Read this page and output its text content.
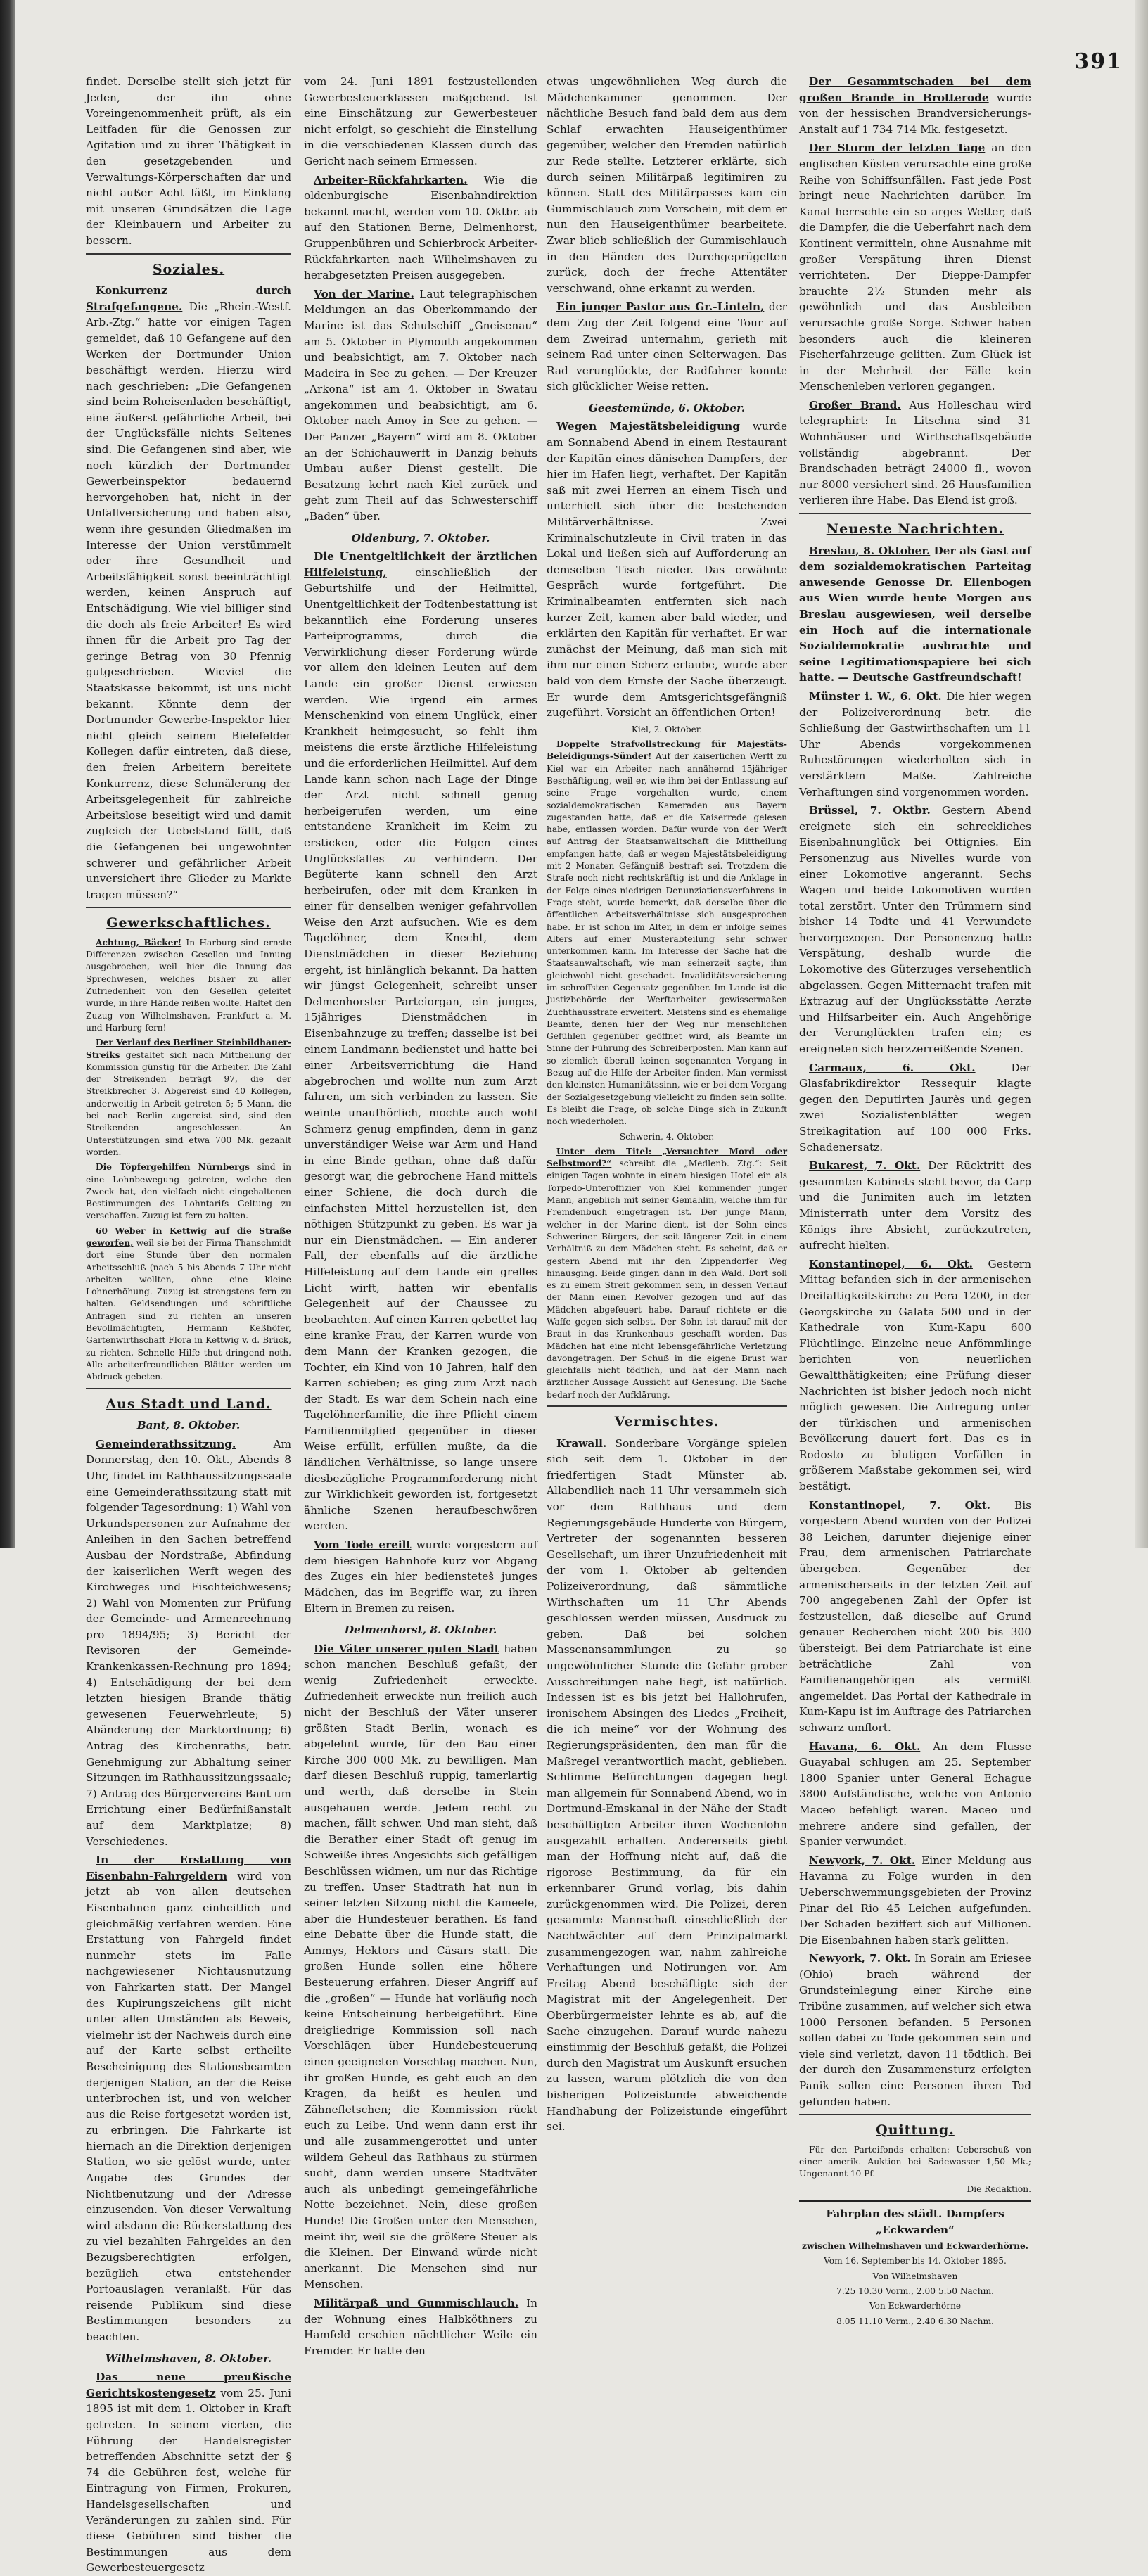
391

findet. Derselbe stellt sich jetzt für Jeden, der ihn ohne Voreingenommenheit prüft, als ein Leitfaden für die Genossen zur Agitation und zu ihrer Thätigkeit in den gesetzgebenden und Verwaltungs-Körperschaften dar und nicht außer Acht läßt, im Einklang mit unseren Grundsätzen die Lage der Kleinbauern und Arbeiter zu bessern.

Soziales.

Konkurrenz durch Strafgefangene. Die „Rhein.-Westf. Arb.-Ztg.“ hatte vor einigen Tagen gemeldet, daß 10 Gefangene auf den Werken der Dortmunder Union beschäftigt werden. Hierzu wird nach geschrieben: „Die Gefangenen sind beim Roheisenladen beschäftigt, eine äußerst gefährliche Arbeit, bei der Unglücksfälle nichts Seltenes sind. Die Gefangenen sind aber, wie noch kürzlich der Dortmunder Gewerbeinspektor bedauernd hervorgehoben hat, nicht in der Unfallversicherung und haben also, wenn ihre gesunden Gliedmaßen im Interesse der Union verstümmelt oder ihre Gesundheit und Arbeitsfähigkeit sonst beeinträchtigt werden, keinen Anspruch auf Entschädigung. Wie viel billiger sind die doch als freie Arbeiter! Es wird ihnen für die Arbeit pro Tag der geringe Betrag von 30 Pfennig gutgeschrieben. Wieviel die Staatskasse bekommt, ist uns nicht bekannt. Könnte denn der Dortmunder Gewerbe-Inspektor hier nicht gleich seinem Bielefelder Kollegen dafür eintreten, daß diese, den freien Arbeitern bereitete Konkurrenz, diese Schmälerung der Arbeitsgelegenheit für zahlreiche Arbeitslose beseitigt wird und damit zugleich der Uebelstand fällt, daß die Gefangenen bei ungewohnter schwerer und gefährlicher Arbeit unversichert ihre Glieder zu Markte tragen müssen?“

Gewerkschaftliches.

Achtung, Bäcker! In Harburg sind ernste Differenzen zwischen Gesellen und Innung ausgebrochen, weil hier die Innung das Sprechwesen, welches bisher zu aller Zufriedenheit von den Gesellen geleitet wurde, in ihre Hände reißen wollte. Haltet den Zuzug von Wilhelmshaven, Frankfurt a. M. und Harburg fern!

Der Verlauf des Berliner Steinbildhauer-Streiks gestaltet sich nach Mittheilung der Kommission günstig für die Arbeiter. Die Zahl der Streikenden beträgt 97, die der Streikbrecher 3. Abgereist sind 40 Kollegen, anderweitig in Arbeit getreten 5; 5 Mann, die bei nach Berlin zugereist sind, sind den Streikenden angeschlossen. An Unterstützungen sind etwa 700 Mk. gezahlt worden.

Die Töpfergehilfen Nürnbergs sind in eine Lohnbewegung getreten, welche den Zweck hat, den vielfach nicht eingehaltenen Bestimmungen des Lohntarifs Geltung zu verschaffen. Zuzug ist fern zu halten.

60 Weber in Kettwig auf die Straße geworfen, weil sie bei der Firma Thanschmidt dort eine Stunde über den normalen Arbeitsschluß (nach 5 bis Abends 7 Uhr nicht arbeiten wollten, ohne eine kleine Lohnerhöhung. Zuzug ist strengstens fern zu halten. Geldsendungen und schriftliche Anfragen sind zu richten an unseren Bevollmächtigten, Hermann Keßhöfer, Gartenwirthschaft Flora in Kettwig v. d. Brück, zu richten. Schnelle Hilfe thut dringend noth. Alle arbeiterfreundlichen Blätter werden um Abdruck gebeten.

Aus Stadt und Land.
Bant, 8. Oktober.

Gemeinderathssitzung.	Am Donnerstag, den 10. Okt., Abends 8 Uhr, findet im Rathhaussitzungssaale eine Gemeinderathssitzung statt mit folgender Tagesordnung: 1) Wahl von Urkundspersonen zur Aufnahme der Anleihen in den Sachen betreffend Ausbau der Nordstraße, Abfindung der kaiserlichen Werft wegen des Kirchweges und Fischteichwesens; 2) Wahl von Momenten zur Prüfung der Gemeinde- und Armenrechnung pro 1894/95; 3) Bericht der Revisoren der Gemeinde-Krankenkassen-Rechnung pro 1894; 4) Entschädigung der bei dem letzten hiesigen Brande thätig gewesenen Feuerwehrleute; 5) Abänderung der Marktordnung; 6) Antrag des Kirchenraths, betr. Genehmigung zur Abhaltung seiner Sitzungen im Rathhaussitzungssaale; 7) Antrag des Bürgervereins Bant um Errichtung einer Bedürfnißanstalt auf dem Marktplatze; 8) Verschiedenes.

In der Erstattung von Eisenbahn-Fahrgeldern wird von jetzt ab von allen deutschen Eisenbahnen ganz einheitlich und gleichmäßig verfahren werden. Eine Erstattung von Fahrgeld findet nunmehr stets im Falle nachgewiesener Nichtausnutzung von Fahrkarten statt. Der Mangel des Kupirungszeichens gilt nicht unter allen Umständen als Beweis, vielmehr ist der Nachweis durch eine auf der Karte selbst ertheilte Bescheinigung des Stationsbeamten derjenigen Station, an der die Reise unterbrochen ist, und von welcher aus die Reise fortgesetzt worden ist, zu erbringen. Die Fahrkarte ist hiernach an die Direktion derjenigen Station, wo sie gelöst wurde, unter Angabe des Grundes der Nichtbenutzung und der Adresse einzusenden. Von dieser Verwaltung wird alsdann die Rückerstattung des zu viel bezahlten Fahrgeldes an den Bezugsberechtigten erfolgen, bezüglich etwa entstehender Portoauslagen veranlaßt. Für das reisende Publikum sind diese Bestimmungen besonders zu beachten.

Wilhelmshaven, 8. Oktober.

Das neue preußische Gerichtskostengesetz vom 25. Juni 1895 ist mit dem 1. Oktober in Kraft getreten. In seinem vierten, die Führung der Handelsregister betreffenden Abschnitte setzt der § 74 die Gebühren fest, welche für Eintragung von Firmen, Prokuren, Handelsgesellschaften und Veränderungen zu zahlen sind. Für diese Gebühren sind bisher die Bestimmungen aus dem Gewerbesteuergesetz

vom 24. Juni 1891 festzustellenden Gewerbesteuerklassen maßgebend. Ist eine Einschätzung zur Gewerbesteuer nicht erfolgt, so geschieht die Einstellung in die verschiedenen Klassen durch das Gericht nach seinem Ermessen.

Arbeiter-Rückfahrkarten. Wie die oldenburgische Eisenbahndirektion bekannt macht, werden vom 10. Oktbr. ab auf den Stationen Berne, Delmenhorst, Gruppenbühren und Schierbrock Arbeiter-Rückfahrkarten nach Wilhelmshaven zu herabgesetzten Preisen ausgegeben.

Von der Marine. Laut telegraphischen Meldungen an das Oberkommando der Marine ist das Schulschiff „Gneisenau“ am 5. Oktober in Plymouth angekommen und beabsichtigt, am 7. Oktober nach Madeira in See zu gehen. — Der Kreuzer „Arkona“ ist am 4. Oktober in Swatau angekommen und beabsichtigt, am 6. Oktober nach Amoy in See zu gehen. — Der Panzer „Bayern“ wird am 8. Oktober an der Schichauwerft in Danzig behufs Umbau außer Dienst gestellt. Die Besatzung kehrt nach Kiel zurück und geht zum Theil auf das Schwesterschiff „Baden“ über.

Oldenburg, 7. Oktober.

Die Unentgeltlichkeit der ärztlichen Hilfeleistung,	einschließlich der Geburtshilfe und der Heilmittel, Unentgeltlichkeit der Todtenbestattung ist bekanntlich eine Forderung unseres Parteiprogramms, durch die Verwirklichung dieser Forderung würde vor allem den kleinen Leuten auf dem Lande ein großer Dienst erwiesen werden. Wie irgend ein armes Menschenkind von einem Unglück, einer Krankheit heimgesucht, so fehlt ihm meistens die erste ärztliche Hilfeleistung und die erforderlichen Heilmittel. Auf dem Lande kann schon nach Lage der Dinge der Arzt nicht schnell genug herbeigerufen werden, um eine entstandene Krankheit im Keim zu ersticken, oder die Folgen eines Unglücksfalles zu verhindern. Der Begüterte kann schnell den Arzt herbeirufen, oder mit dem Kranken in einer für denselben weniger gefahrvollen Weise den Arzt aufsuchen. Wie es dem Tagelöhner, dem Knecht, dem Dienstmädchen in dieser Beziehung ergeht, ist hinlänglich bekannt. Da hatten wir jüngst Gelegenheit, schreibt unser Delmenhorster Parteiorgan, ein junges, 15jähriges Dienstmädchen in Eisenbahnzuge zu treffen; dasselbe ist bei einem Landmann bedienstet und hatte bei einer Arbeitsverrichtung die Hand abgebrochen und wollte nun zum Arzt fahren, um sich verbinden zu lassen. Sie weinte unaufhörlich, mochte auch wohl Schmerz genug empfinden, denn in ganz unverständiger Weise war Arm und Hand in eine Binde gethan, ohne daß dafür gesorgt war, die gebrochene Hand mittels einer Schiene, die doch durch die einfachsten Mittel herzustellen ist, den nöthigen Stützpunkt zu geben. Es war ja nur ein Dienstmädchen. — Ein anderer Fall, der ebenfalls auf die ärztliche Hilfeleistung auf dem Lande ein grelles Licht wirft, hatten wir ebenfalls Gelegenheit auf der Chaussee zu beobachten. Auf einen Karren gebettet lag eine kranke Frau, der Karren wurde von dem Mann der Kranken gezogen, die Tochter, ein Kind von 10 Jahren, half den Karren schieben; es ging zum Arzt nach der Stadt. Es war dem Schein nach eine Tagelöhnerfamilie, die ihre Pflicht einem Familienmitglied gegenüber in dieser Weise erfüllt, erfüllen mußte, da die ländlichen Verhältnisse, so lange unsere diesbezügliche Programmforderung nicht zur Wirklichkeit geworden ist, fortgesetzt ähnliche Szenen heraufbeschwören werden.

Vom Tode ereilt wurde vorgestern auf dem hiesigen Bahnhofe kurz vor Abgang des Zuges ein hier bediensteteš junges Mädchen, das im Begriffe war, zu ihren Eltern in Bremen zu reisen.

Delmenhorst, 8. Oktober.

Die Väter unserer guten Stadt haben schon manchen Beschluß gefaßt, der wenig Zufriedenheit erweckte. Zufriedenheit erweckte nun freilich auch nicht der Beschluß der Väter unserer größten Stadt Berlin, wonach es abgelehnt wurde, für den Bau einer Kirche 300 000 Mk. zu bewilligen. Man darf diesen Beschluß ruppig, tamerlartig und werth, daß derselbe in Stein ausgehauen werde. Jedem recht zu machen, fällt schwer. Und man sieht, daß die Berather einer Stadt oft genug im Schweiße ihres Angesichts sich gefälligen Beschlüssen widmen, um nur das Richtige zu treffen. Unser Stadtrath hat nun in seiner letzten Sitzung nicht die Kameele, aber die Hundesteuer berathen. Es fand eine Debatte über die Hunde statt, die Ammys, Hektors und Cäsars statt. Die großen Hunde sollen eine höhere Besteuerung erfahren. Dieser Angriff auf die „großen“ — Hunde hat vorläufig noch keine Entscheinung herbeigeführt. Eine dreigliedrige Kommission soll nach Vorschlägen über Hundebesteuerung einen geeigneten Vorschlag machen. Nun, ihr großen Hunde, es geht euch an den Kragen, da heißt es heulen und Zähnefletschen; die Kommission rückt euch zu Leibe. Und wenn dann erst ihr und alle zusammengerottet und unter wildem Geheul das Rathhaus zu stürmen sucht, dann werden unsere Stadtväter auch als unbedingt gemeingefährliche Notte bezeichnet. Nein, diese großen Hunde! Die Großen unter den Menschen, meint ihr, weil sie die größere Steuer als die Kleinen. Der Einwand würde nicht anerkannt. Die Menschen sind nur Menschen.

Militärpaß und Gummischlauch. In der Wohnung eines Halbköthners zu Hamfeld erschien nächtlicher Weile ein Fremder. Er hatte den

etwas ungewöhnlichen Weg durch die Mädchenkammer genommen. Der nächtliche Besuch fand bald dem aus dem Schlaf erwachten Hauseigenthümer gegenüber, welcher den Fremden natürlich zur Rede stellte. Letzterer erklärte, sich durch seinen Militärpaß legitimiren zu können. Statt des Militärpasses kam ein Gummischlauch zum Vorschein, mit dem er nun den Hauseigenthümer bearbeitete. Zwar blieb schließlich der Gummischlauch in den Händen des Durchgeprügelten zurück, doch der freche Attentäter verschwand, ohne erkannt zu werden.

Ein junger Pastor aus Gr.-Linteln, der dem Zug der Zeit folgend eine Tour auf dem Zweirad unternahm, gerieth mit seinem Rad unter einen Selterwagen. Das Rad verunglückte, der Radfahrer konnte sich glücklicher Weise retten.

Geestemünde, 6. Oktober.

Wegen Majestätsbeleidigung wurde am Sonnabend Abend in einem Restaurant der Kapitän eines dänischen Dampfers, der hier im Hafen liegt, verhaftet. Der Kapitän saß mit zwei Herren an einem Tisch und unterhielt sich über die bestehenden Militärverhältnisse. Zwei Kriminalschutzleute in Civil traten in das Lokal und ließen sich auf Aufforderung an demselben Tisch nieder. Das erwähnte Gespräch wurde fortgeführt. Die Kriminalbeamten entfernten sich nach kurzer Zeit, kamen aber bald wieder, und erklärten den Kapitän für verhaftet. Er war zunächst der Meinung, daß man sich mit ihm nur einen Scherz erlaube, wurde aber bald von dem Ernste der Sache überzeugt. Er wurde dem Amtsgerichtsgefängniß zugeführt. Vorsicht an öffentlichen Orten!

Kiel, 2. Oktober.

Doppelte Strafvollstreckung für Majestäts-Beleidigungs-Sünder! Auf der kaiserlichen Werft zu Kiel war ein Arbeiter nach annähernd 15jähriger Beschäftigung, weil er, wie ihm bei der Entlassung auf seine Frage vorgehalten wurde, einem sozialdemokratischen Kameraden aus Bayern zugestanden hatte, daß er die Kaiserrede gelesen habe, entlassen worden. Dafür wurde von der Werft auf Antrag der Staatsanwaltschaft die Mittheilung empfangen hatte, daß er wegen Majestätsbeleidigung mit 2 Monaten Gefängniß bestraft sei. Trotzdem die Strafe noch nicht rechtskräftig ist und die Anklage in der Folge eines niedrigen Denunziationsverfahrens in Frage steht, wurde bemerkt, daß derselbe über die öffentlichen Arbeitsverhältnisse sich ausgesprochen habe. Er ist schon im Alter, in dem er infolge seines Alters auf einer Musterabteilung sehr schwer unterkommen kann. Im Interesse der Sache hat die Staatsanwaltschaft, wie man seinerzeit sagte, ihm gleichwohl nicht geschadet. Invaliditätsversicherung im schroffsten Gegensatz gegenüber. Im Lande ist die Justizbehörde der Werftarbeiter gewissermaßen Zuchthausstrafe erweitert. Meistens sind es ehemalige Beamte, denen hier der Weg nur menschlichen Gefühlen gegenüber geöffnet wird, als Beamte im Sinne der Führung des Schreiberposten. Man kann auf so ziemlich überall keinen sogenannten Vorgang in Bezug auf die Hilfe der Arbeiter finden. Man vermisst den kleinsten Humanitätssinn, wie er bei dem Vorgang der Sozialgesetzgebung vielleicht zu finden sein sollte. Es bleibt die Frage, ob solche Dinge sich in Zukunft noch wiederholen.

Schwerin, 4. Oktober.

Unter dem Titel: „Versuchter Mord oder Selbstmord?“ schreibt die „Medlenb. Ztg.“: Seit einigen Tagen wohnte in einem hiesigen Hotel ein als Torpedo-Unteroffizier von Kiel kommender junger Mann, angeblich mit seiner Gemahlin, welche ihm für Fremdenbuch eingetragen ist. Der junge Mann, welcher in der Marine dient, ist der Sohn eines Schweriner Bürgers, der seit längerer Zeit in einem Verhältniß zu dem Mädchen steht. Es scheint, daß er gestern Abend mit ihr den Zippendorfer Weg hinausging. Beide gingen dann in den Wald. Dort soll es zu einem Streit gekommen sein, in dessen Verlauf der Mann einen Revolver gezogen und auf das Mädchen abgefeuert habe. Darauf richtete er die Waffe gegen sich selbst. Der Sohn ist darauf mit der Braut in das Krankenhaus geschafft worden. Das Mädchen hat eine nicht lebensgefährliche Verletzung davongetragen. Der Schuß in die eigene Brust war gleichfalls nicht tödtlich, und hat der Mann nach ärztlicher Aussage Aussicht auf Genesung. Die Sache bedarf noch der Aufklärung.

Vermischtes.

Krawall. Sonderbare Vorgänge spielen sich seit dem 1. Oktober in der friedfertigen Stadt Münster ab. Allabendlich nach 11 Uhr versammeln sich vor dem Rathhaus und dem Regierungsgebäude Hunderte von Bürgern, Vertreter der sogenannten besseren Gesellschaft, um ihrer Unzufriedenheit mit der vom 1. Oktober ab geltenden Polizeiverordnung, daß sämmtliche Wirthschaften um 11 Uhr Abends geschlossen werden müssen, Ausdruck zu geben. Daß bei solchen Massenansammlungen zu so ungewöhnlicher Stunde die Gefahr grober Ausschreitungen nahe liegt, ist natürlich. Indessen ist es bis jetzt bei Hallohrufen, ironischem Absingen des Liedes „Freiheit, die ich meine“ vor der Wohnung des Regierungspräsidenten, den man für die Maßregel verantwortlich macht, geblieben. Schlimme Befürchtungen dagegen hegt man allgemein für Sonnabend Abend, wo in Dortmund-Emskanal in der Nähe der Stadt beschäftigten Arbeiter ihren Wochenlohn ausgezahlt erhalten. Andererseits giebt man der Hoffnung nicht auf, daß die rigorose Bestimmung, da für ein erkennbarer Grund vorlag, bis dahin zurückgenommen wird. Die Polizei, deren gesammte Mannschaft einschließlich der Nachtwächter auf dem Prinzipalmarkt zusammengezogen war, nahm zahlreiche Verhaftungen und Notirungen vor. Am Freitag Abend beschäftigte sich der Magistrat mit der Angelegenheit. Der Oberbürgermeister lehnte es ab, auf die Sache einzugehen. Darauf wurde nahezu einstimmig der Beschluß gefaßt, die Polizei durch den Magistrat um Auskunft ersuchen zu lassen, warum plötzlich die von den bisherigen Polizeistunde abweichende Handhabung der Polizeistunde eingeführt sei.

Der Gesammtschaden bei dem großen Brande in Brotterode wurde von der hessischen Brandversicherungs-Anstalt auf 1 734 714 Mk. festgesetzt.

Der Sturm der letzten Tage an den englischen Küsten verursachte eine große Reihe von Schiffsunfällen. Fast jede Post bringt neue Nachrichten darüber. Im Kanal herrschte ein so arges Wetter, daß die Dampfer, die die Ueberfahrt nach dem Kontinent vermitteln, ohne Ausnahme mit großer Verspätung ihren Dienst verrichteten. Der Dieppe-Dampfer brauchte 2½ Stunden mehr als gewöhnlich und das Ausbleiben verursachte große Sorge. Schwer haben besonders auch die kleineren Fischerfahrzeuge gelitten. Zum Glück ist in der Mehrheit der Fälle kein Menschenleben verloren gegangen.

Großer Brand. Aus Holleschau wird telegraphirt: In Litschna sind 31 Wohnhäuser und Wirthschaftsgebäude vollständig abgebrannt. Der Brandschaden beträgt 24000 fl., wovon nur 8000 versichert sind. 26 Hausfamilien verlieren ihre Habe. Das Elend ist groß.

Neueste Nachrichten.

Breslau, 8. Oktober. Der als Gast auf dem sozialdemokratischen Parteitag anwesende Genosse Dr. Ellenbogen aus Wien wurde heute Morgen aus Breslau ausgewiesen, weil derselbe ein Hoch auf die internationale Sozialdemokratie ausbrachte und seine Legitimationspapiere bei sich hatte. — Deutsche Gastfreundschaft!

Münster i. W., 6. Okt. Die hier wegen der Polizeiverordnung betr. die Schließung der Gastwirthschaften um 11 Uhr Abends vorgekommenen Ruhestörungen wiederholten sich in verstärktem Maße. Zahlreiche Verhaftungen sind vorgenommen worden.

Brüssel, 7. Oktbr. Gestern Abend ereignete sich ein schreckliches Eisenbahnunglück bei Ottignies. Ein Personenzug aus Nivelles wurde von einer Lokomotive angerannt. Sechs Wagen und beide Lokomotiven wurden total zerstört. Unter den Trümmern sind bisher 14 Todte und 41 Verwundete hervorgezogen. Der Personenzug hatte Verspätung, deshalb wurde die Lokomotive des Güterzuges versehentlich abgelassen. Gegen Mitternacht trafen mit Extrazug auf der Unglücksstätte Aerzte und Hilfsarbeiter ein. Auch Angehörige der Verunglückten trafen ein; es ereigneten sich herzzerreißende Szenen.

Carmaux, 6. Okt.	Der Glasfabrikdirektor Ressequir klagte gegen den Deputirten Jaurès und gegen zwei Sozialistenblätter wegen Streikagitation auf 100 000 Frks. Schadenersatz.

Bukarest, 7. Okt. Der Rücktritt des gesammten Kabinets steht bevor, da Carp und die Junimiten auch im letzten Ministerrath unter dem Vorsitz des Königs ihre Absicht, zurückzutreten, aufrecht hielten.

Konstantinopel, 6. Okt. Gestern Mittag befanden sich in der armenischen Dreifaltigkeitskirche zu Pera 1200, in der Georgskirche zu Galata 500 und in der Kathedrale von Kum-Kapu 600 Flüchtlinge. Einzelne neue Anfömmlinge berichten von neuerlichen Gewaltthätigkeiten; eine Prüfung dieser Nachrichten ist bisher jedoch noch nicht möglich gewesen. Die Aufregung unter der türkischen und armenischen Bevölkerung dauert fort. Das es in Rodosto zu blutigen Vorfällen in größerem Maßstabe gekommen sei, wird bestätigt.

Konstantinopel, 7. Okt. Bis vorgestern Abend wurden von der Polizei 38 Leichen, darunter diejenige einer Frau, dem armenischen Patriarchate übergeben. Gegenüber der armenischerseits in der letzten Zeit auf 700 angegebenen Zahl der Opfer ist festzustellen, daß dieselbe auf Grund genauer Recherchen nicht 200 bis 300 übersteigt. Bei dem Patriarchate ist eine beträchtliche Zahl von Familienangehörigen als vermißt angemeldet. Das Portal der Kathedrale in Kum-Kapu ist im Auftrage des Patriarchen schwarz umflort.

Havana, 6. Okt. An dem Flusse Guayabal schlugen am 25. September 1800 Spanier unter General Echague 3800 Aufständische, welche von Antonio Maceo befehligt waren. Maceo und mehrere andere sind gefallen, der Spanier verwundet.

Newyork, 7. Okt. Einer Meldung aus Havanna zu Folge wurden in den Ueberschwemmungsgebieten der Provinz Pinar del Rio 45 Leichen aufgefunden. Der Schaden beziffert sich auf Millionen. Die Eisenbahnen haben stark gelitten.

Newyork, 7. Okt. In Sorain am Eriesee (Ohio) brach während der Grundsteinlegung einer Kirche eine Tribüne zusammen, auf welcher sich etwa 1000 Personen befanden. 5 Personen sollen dabei zu Tode gekommen sein und viele sind verletzt, davon 11 tödtlich. Bei der durch den Zusammensturz erfolgten Panik sollen eine Personen ihren Tod gefunden haben.

Quittung.

Für den Parteifonds erhalten: Ueberschuß von einer amerik. Auktion bei Sadewasser 1,50 Mk.; Ungenannt 10 Pf.

Die Redaktion.

Fahrplan des städt. Dampfers „Eckwarden“

zwischen Wilhelmshaven und Eckwarderhörne.

Vom 16. September bis 14. Oktober 1895.

Von Wilhelmshaven

7.25 10.30 Vorm., 2.00 5.50 Nachm.

Von Eckwarderhörne

8.05 11.10 Vorm., 2.40 6.30 Nachm.
